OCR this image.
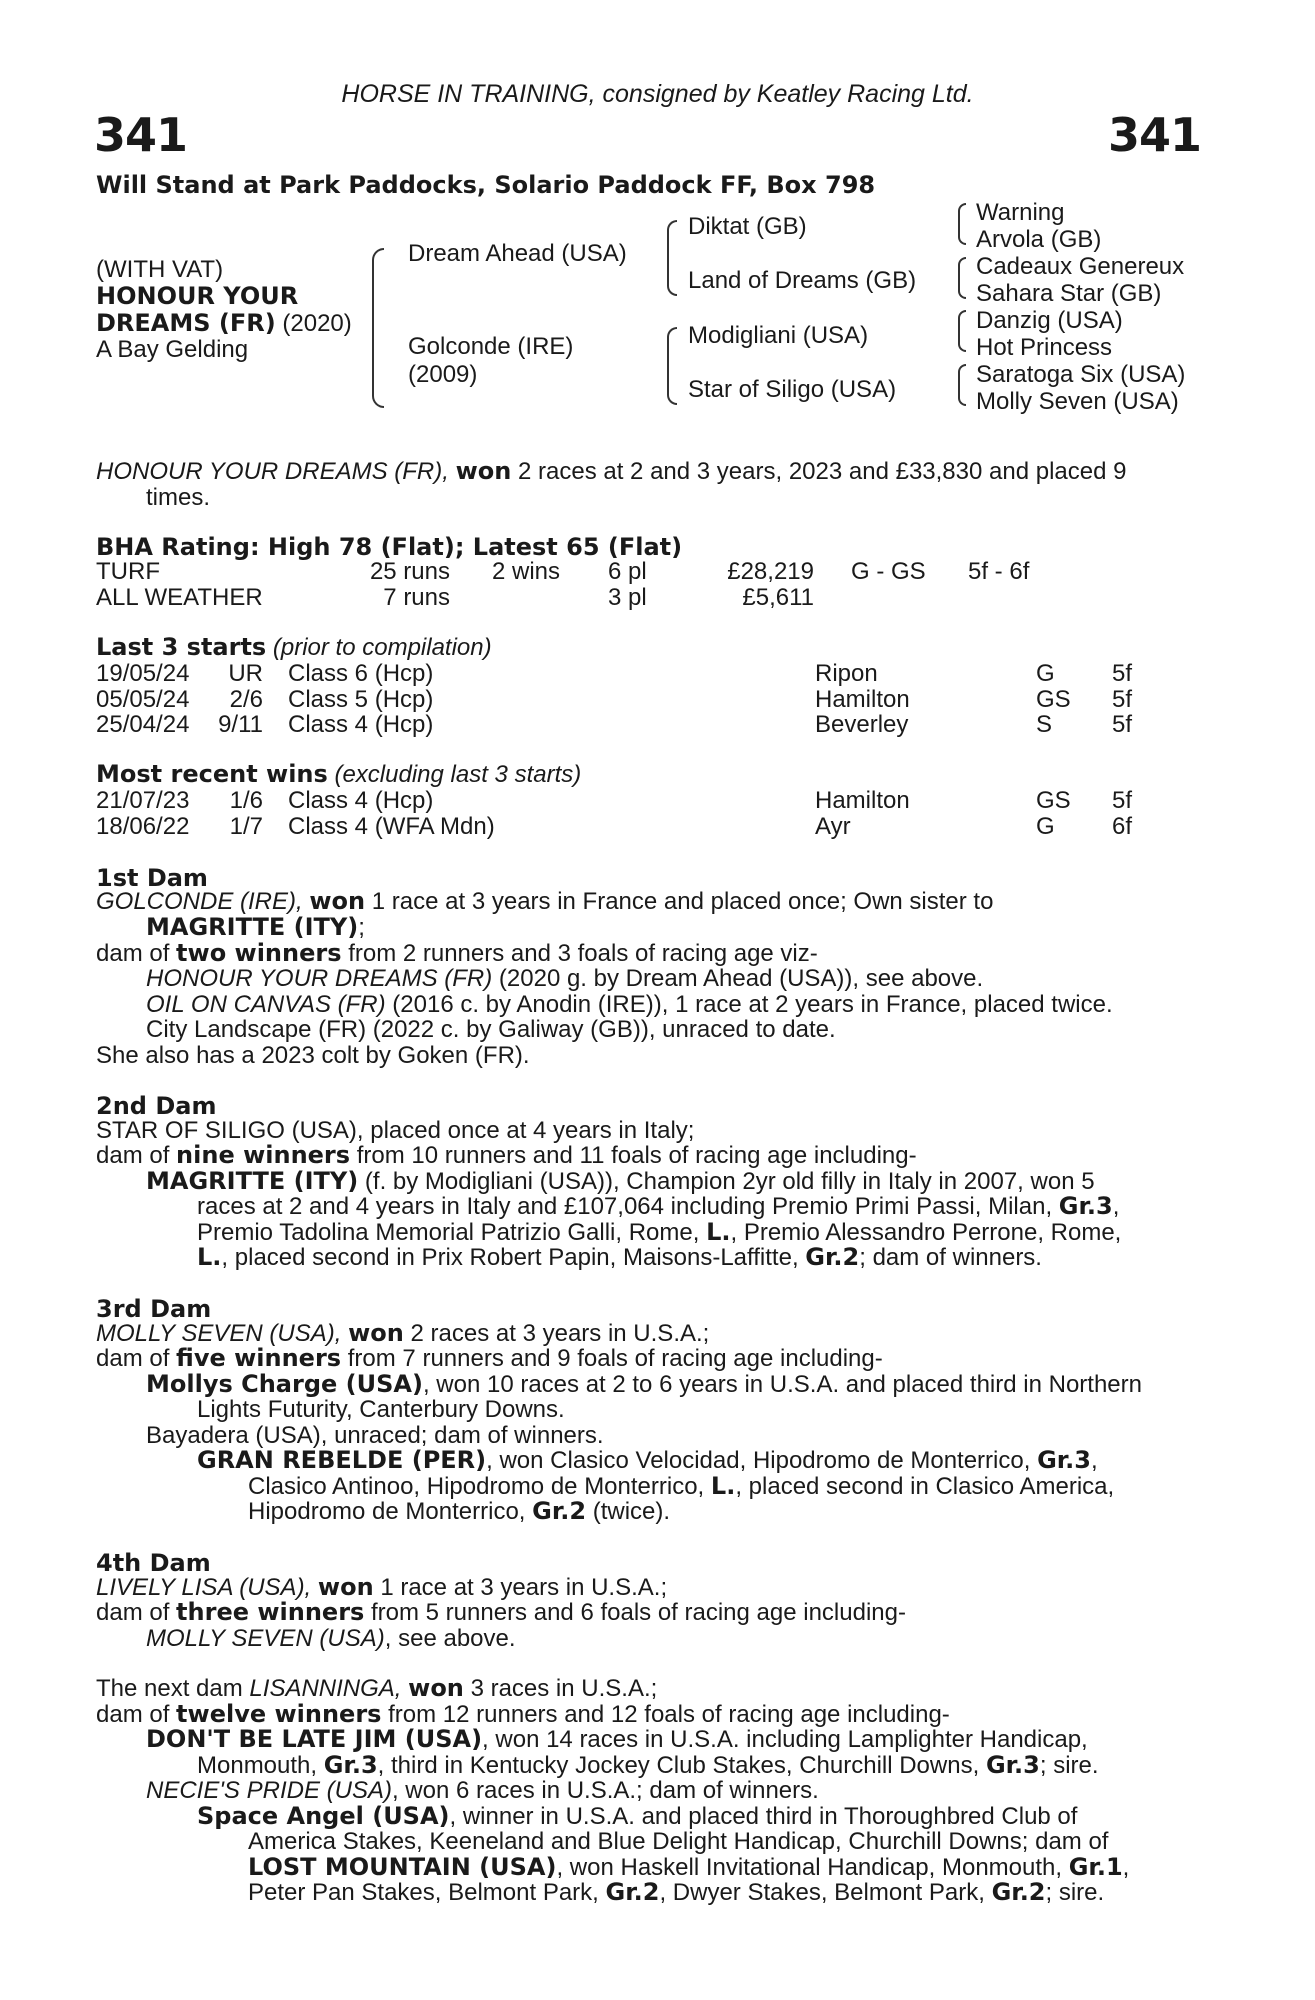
HORSE IN TRAINING, consigned by Keatley Racing Ltd.
341	341
Will Stand at Park Paddocks, Solario Paddock FF, Box 798
(WITH VAT)
HONOUR YOUR
DREAMS (FR) (2020)
A Bay Gelding
Dream Ahead (USA)
Golconde (IRE)
(2009)
Diktat (GB)
Land of Dreams (GB)
Modigliani (USA)
Star of Siligo (USA)
Warning
Arvola (GB)
Cadeaux Genereux
Sahara Star (GB)
Danzig (USA)
Hot Princess
Saratoga Six (USA)
Molly Seven (USA)
HONOUR YOUR DREAMS (FR), won 2 races at 2 and 3 years, 2023 and £33,830 and placed 9
times.
BHA Rating: High 78 (Flat); Latest 65 (Flat)
TURF	25 runs 2 wins 6 pl	£28,219 G - GS 5f - 6f
ALL WEATHER	7 runs	3 pl	£5,611
Last 3 starts (prior to compilation)
19/05/24	UR Class 6 (Hcp)	Ripon	G 5f
05/05/24	2/6 Class 5 (Hcp)	Hamilton	GS 5f
25/04/24	9/11 Class 4 (Hcp)	Beverley	S 5f
Most recent wins (excluding last 3 starts)
21/07/23	1/6 Class 4 (Hcp)	Hamilton	GS 5f
18/06/22	1/7 Class 4 (WFA Mdn)	Ayr	G 6f
1st Dam
GOLCONDE (IRE), won 1 race at 3 years in France and placed once; Own sister to
MAGRITTE (ITY);
dam of two winners from 2 runners and 3 foals of racing age viz-
HONOUR YOUR DREAMS (FR) (2020 g. by Dream Ahead (USA)), see above.
OIL ON CANVAS (FR) (2016 c. by Anodin (IRE)), 1 race at 2 years in France, placed twice.
City Landscape (FR) (2022 c. by Galiway (GB)), unraced to date.
She also has a 2023 colt by Goken (FR).
2nd Dam
STAR OF SILIGO (USA), placed once at 4 years in Italy;
dam of nine winners from 10 runners and 11 foals of racing age including-
MAGRITTE (ITY) (f. by Modigliani (USA)), Champion 2yr old filly in Italy in 2007, won 5
races at 2 and 4 years in Italy and £107,064 including Premio Primi Passi, Milan, Gr.3,
Premio Tadolina Memorial Patrizio Galli, Rome, L., Premio Alessandro Perrone, Rome,
L., placed second in Prix Robert Papin, Maisons-Laffitte, Gr.2; dam of winners.
3rd Dam
MOLLY SEVEN (USA), won 2 races at 3 years in U.S.A.;
dam of five winners from 7 runners and 9 foals of racing age including-
Mollys Charge (USA), won 10 races at 2 to 6 years in U.S.A. and placed third in Northern
Lights Futurity, Canterbury Downs.
Bayadera (USA), unraced; dam of winners.
GRAN REBELDE (PER), won Clasico Velocidad, Hipodromo de Monterrico, Gr.3,
Clasico Antinoo, Hipodromo de Monterrico, L., placed second in Clasico America,
Hipodromo de Monterrico, Gr.2 (twice).
4th Dam
LIVELY LISA (USA), won 1 race at 3 years in U.S.A.;
dam of three winners from 5 runners and 6 foals of racing age including-
MOLLY SEVEN (USA), see above.
The next dam LISANNINGA, won 3 races in U.S.A.;
dam of twelve winners from 12 runners and 12 foals of racing age including-
DON'T BE LATE JIM (USA), won 14 races in U.S.A. including Lamplighter Handicap,
Monmouth, Gr.3, third in Kentucky Jockey Club Stakes, Churchill Downs, Gr.3; sire.
NECIE'S PRIDE (USA), won 6 races in U.S.A.; dam of winners.
Space Angel (USA), winner in U.S.A. and placed third in Thoroughbred Club of
America Stakes, Keeneland and Blue Delight Handicap, Churchill Downs; dam of
LOST MOUNTAIN (USA), won Haskell Invitational Handicap, Monmouth, Gr.1,
Peter Pan Stakes, Belmont Park, Gr.2, Dwyer Stakes, Belmont Park, Gr.2; sire.
